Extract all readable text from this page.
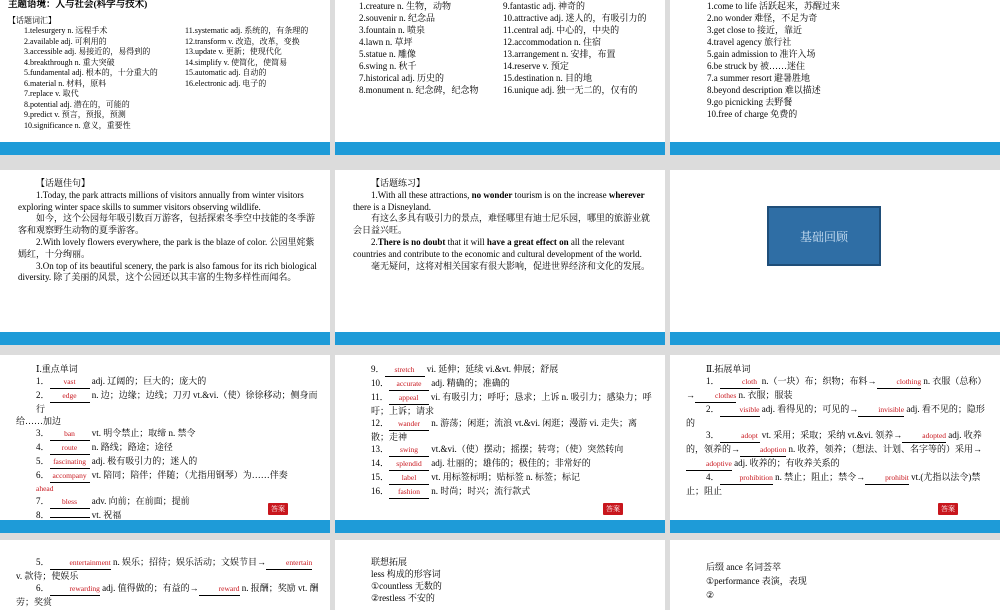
主题语境：人与社会(科学与技术)
【话题词汇】
1.telesurgery n. 远程手术
2.available adj. 可利用的
3.accessible adj. 易接近的，易得到的
4.breakthrough n. 重大突破
5.fundamental adj. 根本的，十分重大的
6.material n. 材料，原料
7.replace v. 取代
8.potential adj. 潜在的，可能的
9.predict v. 预言，预报，预测
10.significance n. 意义，重要性
11.systematic adj. 系统的，有条理的
12.transform v. 改造，改革，变换
13.update v. 更新；使现代化
14.simplify v. 使简化，使简易
15.automatic adj. 自动的
16.electronic adj. 电子的
1.creature n. 生物，动物
2.souvenir n. 纪念品
3.fountain n. 喷泉
4.lawn n. 草坪
5.statue n. 雕像
6.swing n. 秋千
7.historical adj. 历史的
8.monument n. 纪念碑，纪念物
9.fantastic adj. 神奇的
10.attractive adj. 迷人的，有吸引力的
11.central adj. 中心的，中央的
12.accommodation n. 住宿
13.arrangement n. 安排，布置
14.reserve v. 预定
15.destination n. 目的地
16.unique adj. 独一无二的，仅有的
1.come to life 活跃起来，苏醒过来
2.no wonder 难怪，不足为奇
3.get close to 接近，靠近
4.travel agency 旅行社
5.gain admission to 准许入场
6.be struck by 被……迷住
7.a summer resort 避暑胜地
8.beyond description 难以描述
9.go picnicking 去野餐
10.free of charge 免费的
【话题佳句】

1.Today, the park attracts millions of visitors annually from winter visitors exploring winter space skills to summer visitors observing wildlife.

如今，这个公园每年吸引数百万游客，包括探索冬季空中技能的冬季游客和观察野生动物的夏季游客。

2.With lovely flowers everywhere, the park is the blaze of color. 公园里姹紫嫣红，十分绚丽。

3.On top of its beautiful scenery, the park is also famous for its rich biological diversity. 除了美丽的风景，这个公园还以其丰富的生物多样性而闻名。

【话题练习】

1.With all these attractions, no wonder tourism is on the increase wherever there is a Disneyland.

有这么多具有吸引力的景点，难怪哪里有迪士尼乐园，哪里的旅游业就会日益兴旺。

2.There is no doubt that it will have a great effect on all the relevant countries and contribute to the economic and cultural development of the world.

毫无疑问，这将对相关国家有很大影响，促进世界经济和文化的发展。

基础回顾
Ⅰ.重点单词
1． vast adj. 辽阔的；巨大的；庞大的
2． edge n. 边；边缘；边线；刀刃 vt.&vi.（使）徐徐移动；侧身而行
给……加边
3． ban vt. 明令禁止；取缔 n. 禁令
4． route n. 路线；路途；途径
5． fascinating adj. 极有吸引力的；迷人的
6． accompany vt. 陪同；陪伴；伴随；（尤指用钢琴）为……伴奏
ahead
7． bless adv. 向前；在前面；提前
8．	vt. 祝福
答案
9． stretch vi. 延伸；延续 vi.&vt. 伸展；舒展
10． accurate adj. 精确的；准确的
11． appeal vi. 有吸引力；呼吁；恳求；上诉 n. 吸引力；感染力；呼吁；上诉；请求
12． wander n. 游荡；闲逛；流浪 vt.&vi. 闲逛；漫游 vi. 走失；离散；走神
13． swing vt.&vi.（使）摆动；摇摆；转弯；（使）突然转向
14． splendid adj. 壮丽的；雄伟的；极佳的；非常好的
15． label vt. 用标签标明；贴标签 n. 标签；标记
16． fashion n. 时尚；时兴；流行款式
答案
Ⅱ.拓展单词

1．	cloth n.（一块）布；织物；布料→	clothing n. 衣服（总称）→	clothes n. 衣服；服装

2．	visible adj. 看得见的；可见的→	invisible adj. 看不见的；隐形的

3．	adopt vt. 采用；采取；采纳 vt.&vi. 领养→	adopted adj. 收养的，领养的→	adoption n. 收养，领养；（想法、计划、名字等的）采用→adoptive adj. 收养的；有收养关系的

4．	prohibition n. 禁止；阻止；禁令→	prohibit vt.(尤指以法令)禁止；阻止

答案

5．	entertainment n. 娱乐；招待；娱乐活动；文娱节目→	entertain v. 款待；使娱乐

6．	rewarding adj. 值得做的；有益的→	reward n. 报酬；奖励 vt. 酬劳；奖赏

联想拓展
less 构成的形容词
①countless 无数的
②restless 不安的
后缀 ance 名词荟萃
①performance 表演，表现
②
